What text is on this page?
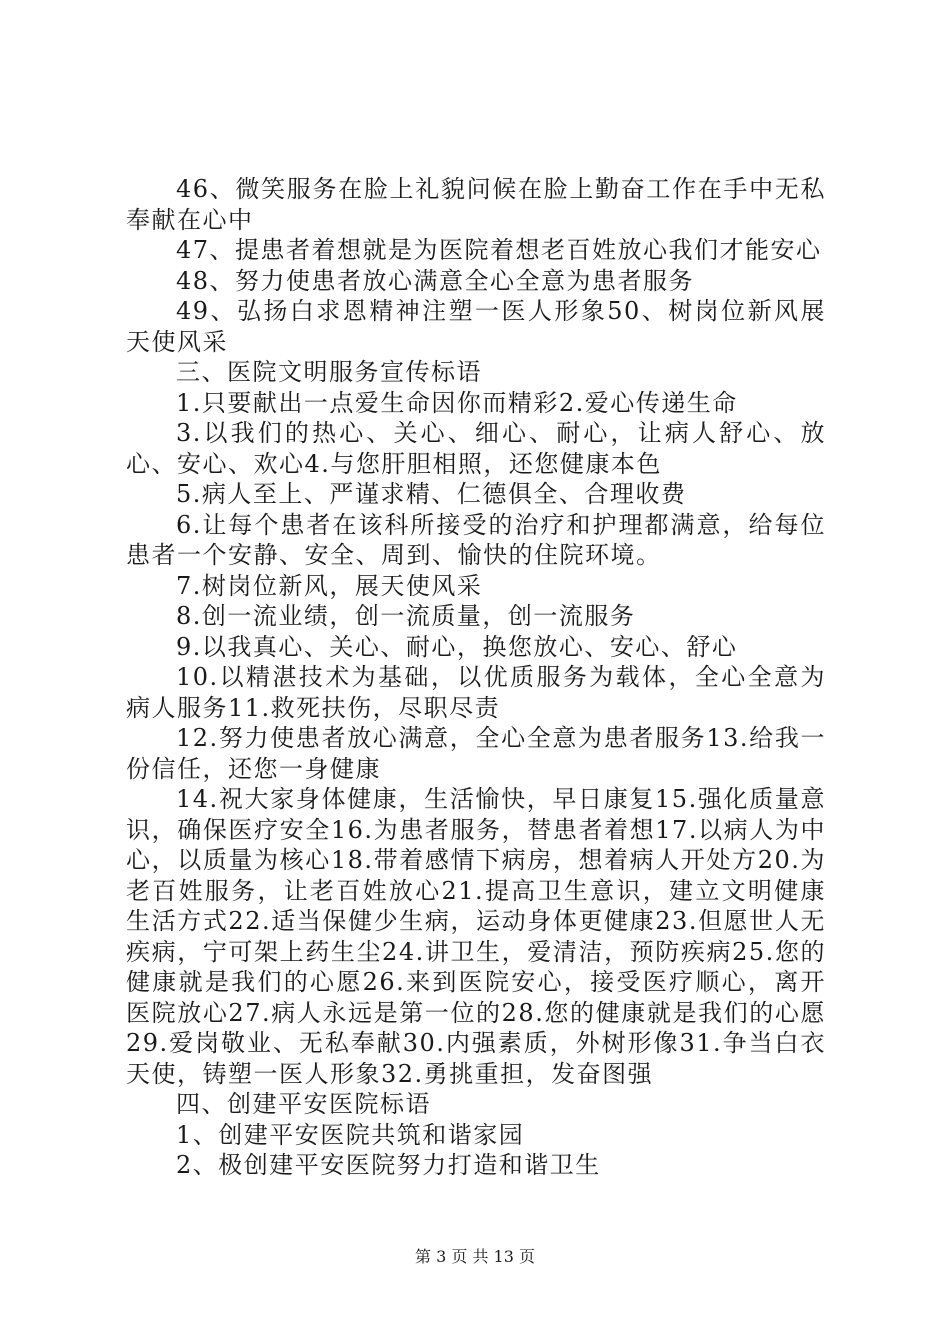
46、微笑服务在脸上礼貌问候在脸上勤奋工作在手中无私奉献在心中

47、提患者着想就是为医院着想老百姓放心我们才能安心

48、努力使患者放心满意全心全意为患者服务

49、弘扬白求恩精神注塑一医人形象50、树岗位新风展天使风采

三、医院文明服务宣传标语

1.只要献出一点爱生命因你而精彩2.爱心传递生命

3.以我们的热心、关心、细心、耐心，让病人舒心、放心、安心、欢心4.与您肝胆相照，还您健康本色

5.病人至上、严谨求精、仁德俱全、合理收费

6.让每个患者在该科所接受的治疗和护理都满意，给每位患者一个安静、安全、周到、愉快的住院环境。

7.树岗位新风，展天使风采

8.创一流业绩，创一流质量，创一流服务

9.以我真心、关心、耐心，换您放心、安心、舒心

10.以精湛技术为基础，以优质服务为载体，全心全意为病人服务11.救死扶伤，尽职尽责

12.努力使患者放心满意，全心全意为患者服务13.给我一份信任，还您一身健康

14.祝大家身体健康，生活愉快，早日康复15.强化质量意识，确保医疗安全16.为患者服务，替患者着想17.以病人为中心，以质量为核心18.带着感情下病房，想着病人开处方20.为老百姓服务，让老百姓放心21.提高卫生意识，建立文明健康生活方式22.适当保健少生病，运动身体更健康23.但愿世人无疾病，宁可架上药生尘24.讲卫生，爱清洁，预防疾病25.您的健康就是我们的心愿26.来到医院安心，接受医疗顺心，离开医院放心27.病人永远是第一位的28.您的健康就是我们的心愿29.爱岗敬业、无私奉献30.内强素质，外树形像31.争当白衣天使，铸塑一医人形象32.勇挑重担，发奋图强

四、创建平安医院标语

1、创建平安医院共筑和谐家园

2、极创建平安医院努力打造和谐卫生

第 3 页 共 13 页
